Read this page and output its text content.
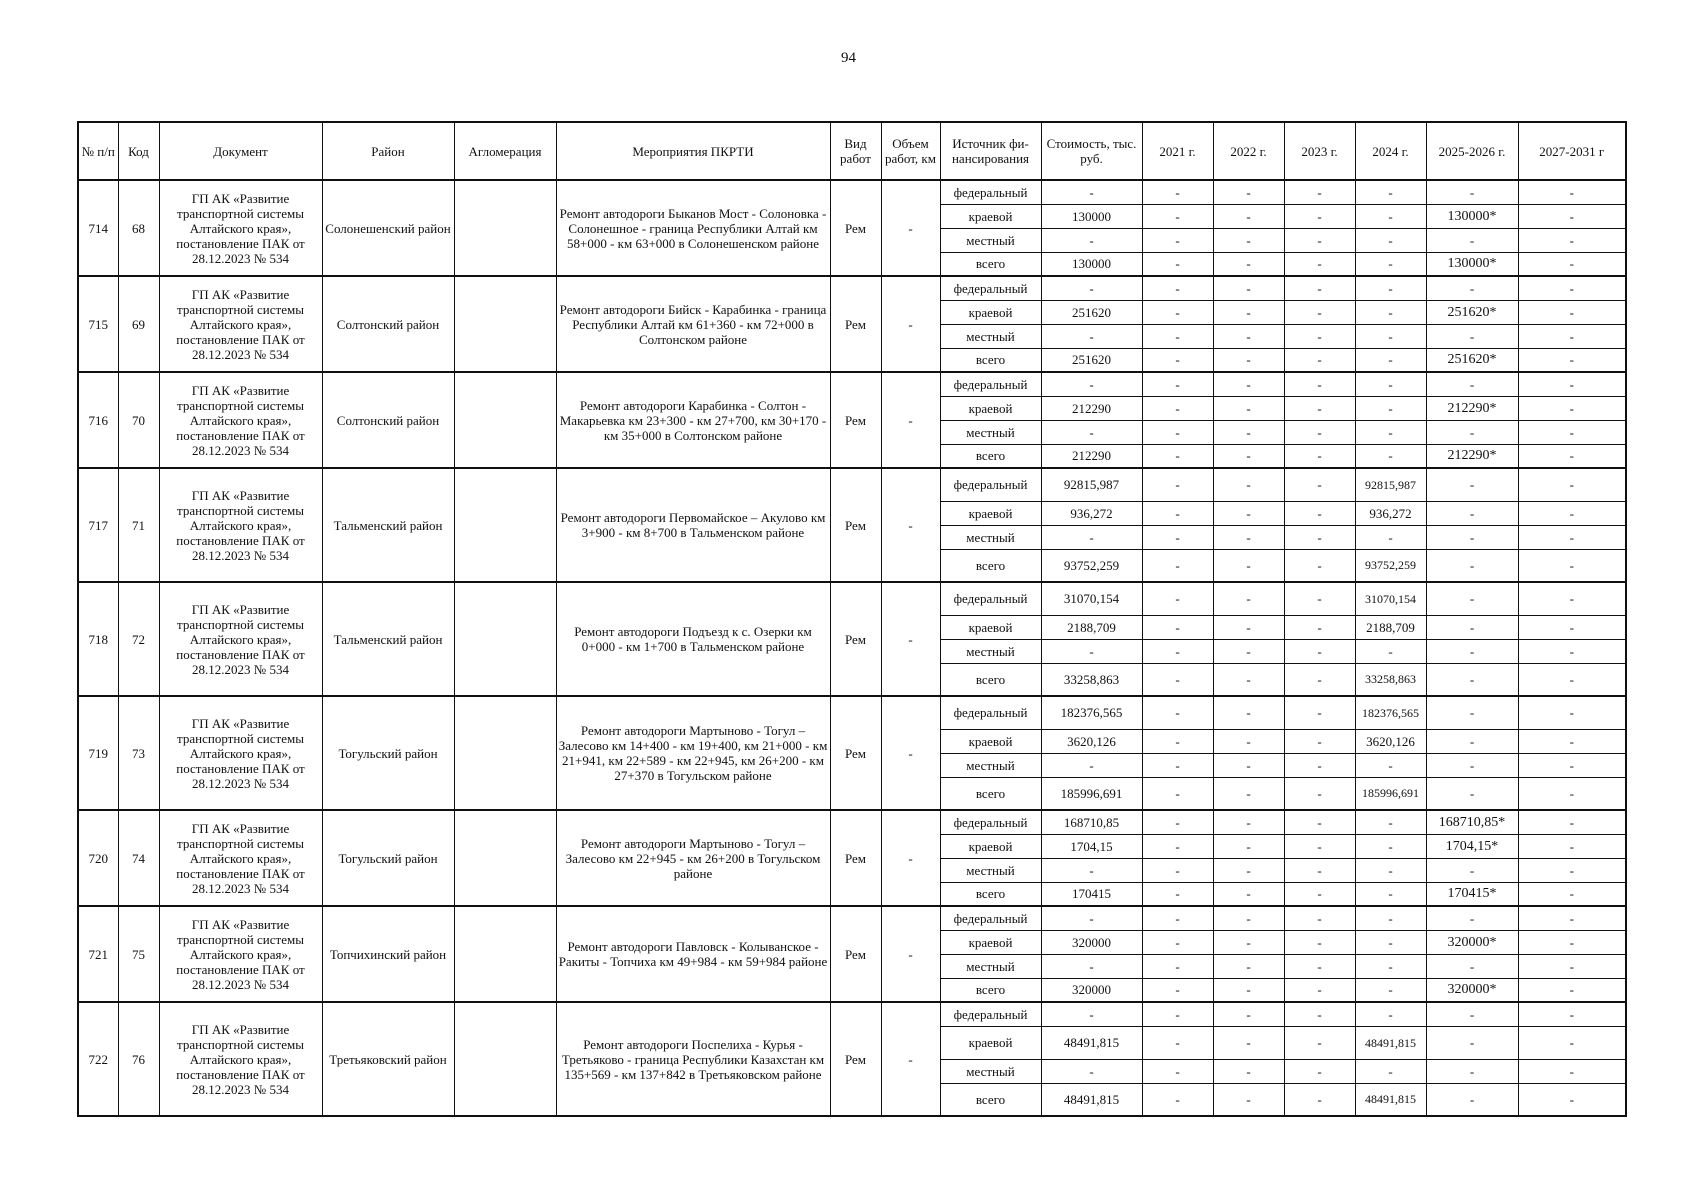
94
№ п/п	Код	Документ	Район	Агломерация	Мероприятия ПКРТИ	Вид работ	Объем работ, км	Источник фи-нансирования	Стоимость, тыс. руб.	2021 г.	2022 г.	2023 г.	2024 г.	2025-2026 г.	2027-2031 г
714	68	ГП АК «Развитие транспортной системы Алтайского края», постановление ПАК от 28.12.2023 № 534	Солонешенский район		Ремонт автодороги Быканов Мост - Солоновка - Солонешное - граница Республики Алтай км 58+000 - км 63+000 в Солонешенском районе	Рем	-	федеральный	-	-	-	-	-	-	-
								краевой	130000	-	-	-	-	130000*	-
								местный	-	-	-	-	-	-	-
								всего	130000	-	-	-	-	130000*	-
715	69	ГП АК «Развитие транспортной системы Алтайского края», постановление ПАК от 28.12.2023 № 534	Солтонский район		Ремонт автодороги Бийск - Карабинка - граница Республики Алтай км 61+360 - км 72+000 в Солтонском районе	Рем	-	федеральный	-	-	-	-	-	-	-
								краевой	251620	-	-	-	-	251620*	-
								местный	-	-	-	-	-	-	-
								всего	251620	-	-	-	-	251620*	-
716	70	ГП АК «Развитие транспортной системы Алтайского края», постановление ПАК от 28.12.2023 № 534	Солтонский район		Ремонт автодороги Карабинка - Солтон - Макарьевка км 23+300 - км 27+700, км 30+170 - км 35+000 в Солтонском районе	Рем	-	федеральный	-	-	-	-	-	-	-
								краевой	212290	-	-	-	-	212290*	-
								местный	-	-	-	-	-	-	-
								всего	212290	-	-	-	-	212290*	-
717	71	ГП АК «Развитие транспортной системы Алтайского края», постановление ПАК от 28.12.2023 № 534	Тальменский район		Ремонт автодороги Первомайское – Акулово км 3+900 - км 8+700 в Тальменском районе	Рем	-	федеральный	92815,987	-	-	-	92815,987	-	-
								краевой	936,272	-	-	-	936,272	-	-
								местный	-	-	-	-	-	-	-
								всего	93752,259	-	-	-	93752,259	-	-
718	72	ГП АК «Развитие транспортной системы Алтайского края», постановление ПАК от 28.12.2023 № 534	Тальменский район		Ремонт автодороги Подъезд к с. Озерки км 0+000 - км 1+700 в Тальменском районе	Рем	-	федеральный	31070,154	-	-	-	31070,154	-	-
								краевой	2188,709	-	-	-	2188,709	-	-
								местный	-	-	-	-	-	-	-
								всего	33258,863	-	-	-	33258,863	-	-
719	73	ГП АК «Развитие транспортной системы Алтайского края», постановление ПАК от 28.12.2023 № 534	Тогульский район		Ремонт автодороги Мартыново - Тогул – Залесово км 14+400 - км 19+400, км 21+000 - км 21+941, км 22+589 - км 22+945, км 26+200 - км 27+370 в Тогульском районе	Рем	-	федеральный	182376,565	-	-	-	182376,565	-	-
								краевой	3620,126	-	-	-	3620,126	-	-
								местный	-	-	-	-	-	-	-
								всего	185996,691	-	-	-	185996,691	-	-
720	74	ГП АК «Развитие транспортной системы Алтайского края», постановление ПАК от 28.12.2023 № 534	Тогульский район		Ремонт автодороги Мартыново - Тогул – Залесово км 22+945 - км 26+200 в Тогульском районе	Рем	-	федеральный	168710,85	-	-	-	-	168710,85*	-
								краевой	1704,15	-	-	-	-	1704,15*	-
								местный	-	-	-	-	-	-	-
								всего	170415	-	-	-	-	170415*	-
721	75	ГП АК «Развитие транспортной системы Алтайского края», постановление ПАК от 28.12.2023 № 534	Топчихинский район		Ремонт автодороги Павловск - Колыванское - Ракиты - Топчиха км 49+984 - км 59+984 районе	Рем	-	федеральный	-	-	-	-	-	-	-
								краевой	320000	-	-	-	-	320000*	-
								местный	-	-	-	-	-	-	-
								всего	320000	-	-	-	-	320000*	-
722	76	ГП АК «Развитие транспортной системы Алтайского края», постановление ПАК от 28.12.2023 № 534	Третьяковский район		Ремонт автодороги Поспелиха - Курья - Третьяково - граница Республики Казахстан км 135+569 - км 137+842 в Третьяковском районе	Рем	-	федеральный	-	-	-	-	-	-	-
								краевой	48491,815	-	-	-	48491,815	-	-
								местный	-	-	-	-	-	-	-
								всего	48491,815	-	-	-	48491,815	-	-
